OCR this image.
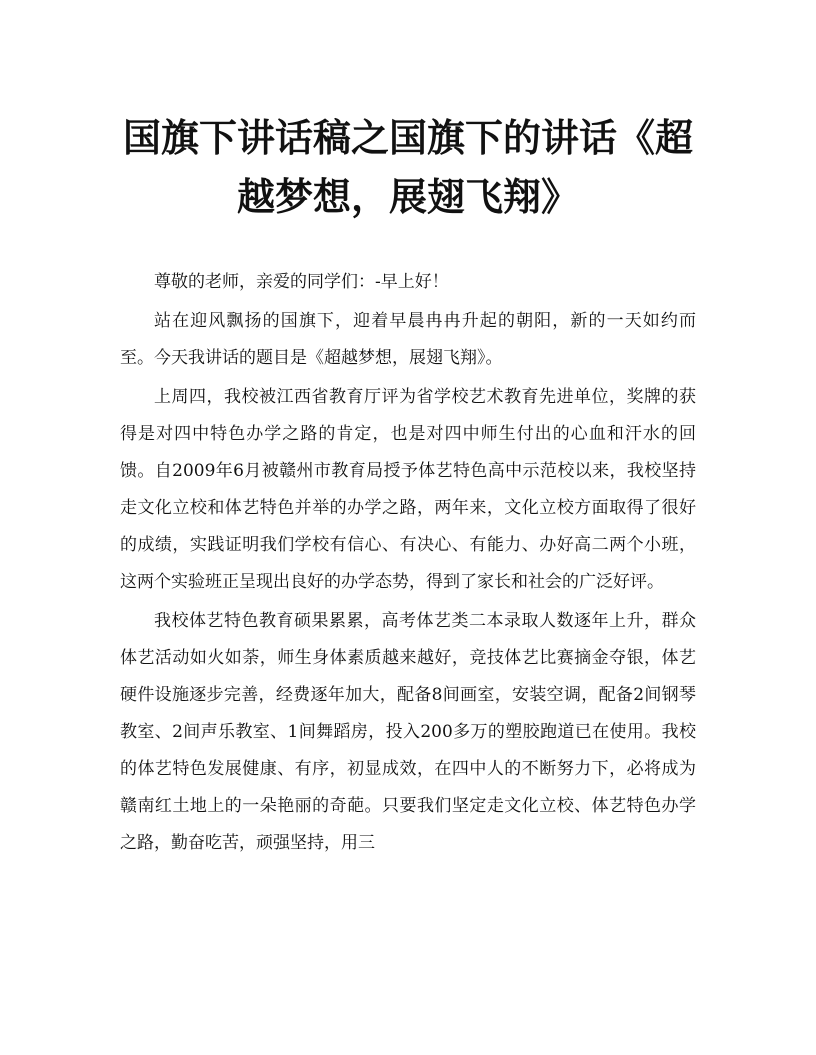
国旗下讲话稿之国旗下的讲话《超越梦想，展翅飞翔》

尊敬的老师，亲爱的同学们：-早上好！

站在迎风飘扬的国旗下，迎着早晨冉冉升起的朝阳，新的一天如约而至。今天我讲话的题目是《超越梦想，展翅飞翔》。

上周四，我校被江西省教育厅评为省学校艺术教育先进单位，奖牌的获得是对四中特色办学之路的肯定，也是对四中师生付出的心血和汗水的回馈。自2009年6月被赣州市教育局授予体艺特色高中示范校以来，我校坚持走文化立校和体艺特色并举的办学之路，两年来，文化立校方面取得了很好的成绩，实践证明我们学校有信心、有决心、有能力、办好高二两个小班，这两个实验班正呈现出良好的办学态势，得到了家长和社会的广泛好评。

我校体艺特色教育硕果累累，高考体艺类二本录取人数逐年上升，群众体艺活动如火如荼，师生身体素质越来越好，竞技体艺比赛摘金夺银，体艺硬件设施逐步完善，经费逐年加大，配备8间画室，安装空调，配备2间钢琴教室、2间声乐教室、1间舞蹈房，投入200多万的塑胶跑道已在使用。我校的体艺特色发展健康、有序，初显成效，在四中人的不断努力下，必将成为赣南红土地上的一朵艳丽的奇葩。只要我们坚定走文化立校、体艺特色办学之路，勤奋吃苦，顽强坚持，用三
